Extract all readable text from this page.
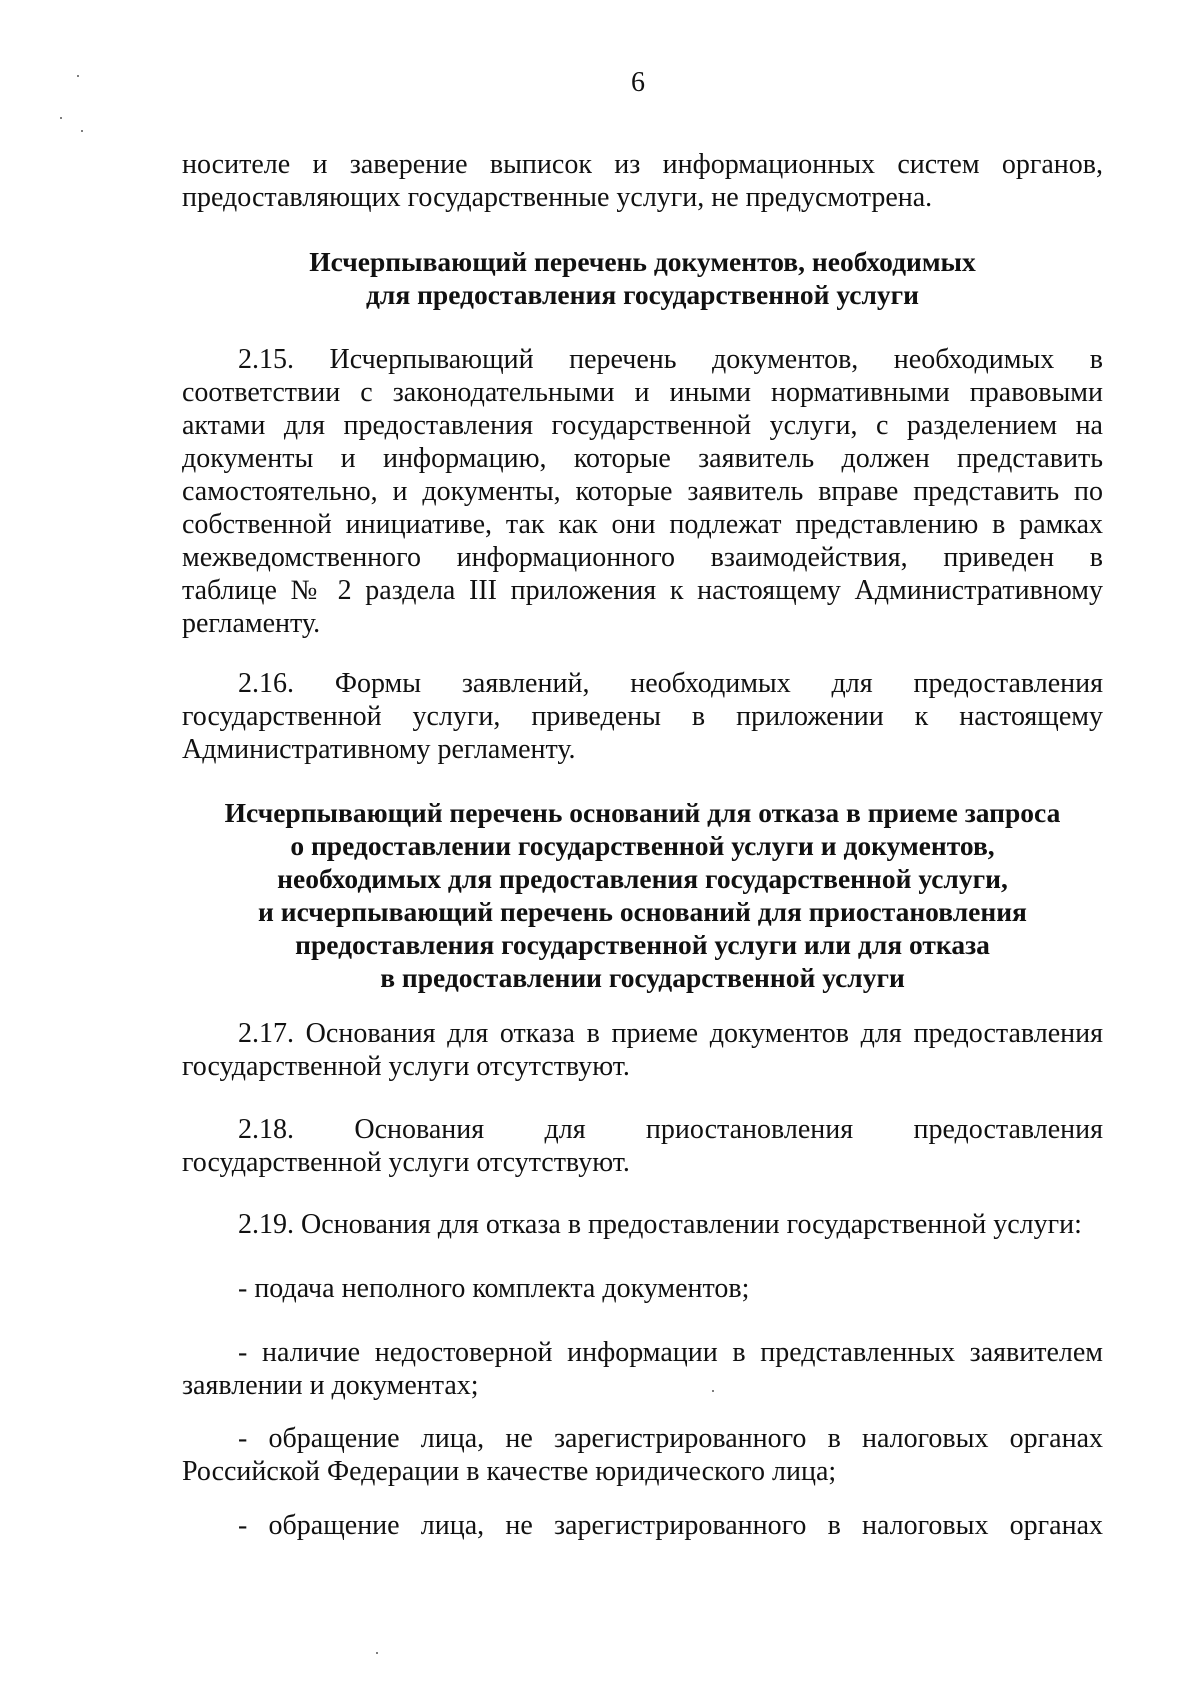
6
носителе и заверение выписок из информационных систем органов,
предоставляющих государственные услуги, не предусмотрена.
Исчерпывающий перечень документов, необходимых
для предоставления государственной услуги
2.15. Исчерпывающий перечень документов, необходимых в
соответствии с законодательными и иными нормативными правовыми
актами для предоставления государственной услуги, с разделением на
документы и информацию, которые заявитель должен представить
самостоятельно, и документы, которые заявитель вправе представить по
собственной инициативе, так как они подлежат представлению в рамках
межведомственного информационного взаимодействия, приведен в
таблице № 2 раздела III приложения к настоящему Административному
регламенту.
2.16. Формы заявлений, необходимых для предоставления
государственной услуги, приведены в приложении к настоящему
Административному регламенту.
Исчерпывающий перечень оснований для отказа в приеме запроса
о предоставлении государственной услуги и документов,
необходимых для предоставления государственной услуги,
и исчерпывающий перечень оснований для приостановления
предоставления государственной услуги или для отказа
в предоставлении государственной услуги
2.17. Основания для отказа в приеме документов для предоставления
государственной услуги отсутствуют.
2.18. Основания для приостановления предоставления
государственной услуги отсутствуют.
2.19. Основания для отказа в предоставлении государственной услуги:
- подача неполного комплекта документов;
- наличие недостоверной информации в представленных заявителем
заявлении и документах;
- обращение лица, не зарегистрированного в налоговых органах
Российской Федерации в качестве юридического лица;
- обращение лица, не зарегистрированного в налоговых органах
